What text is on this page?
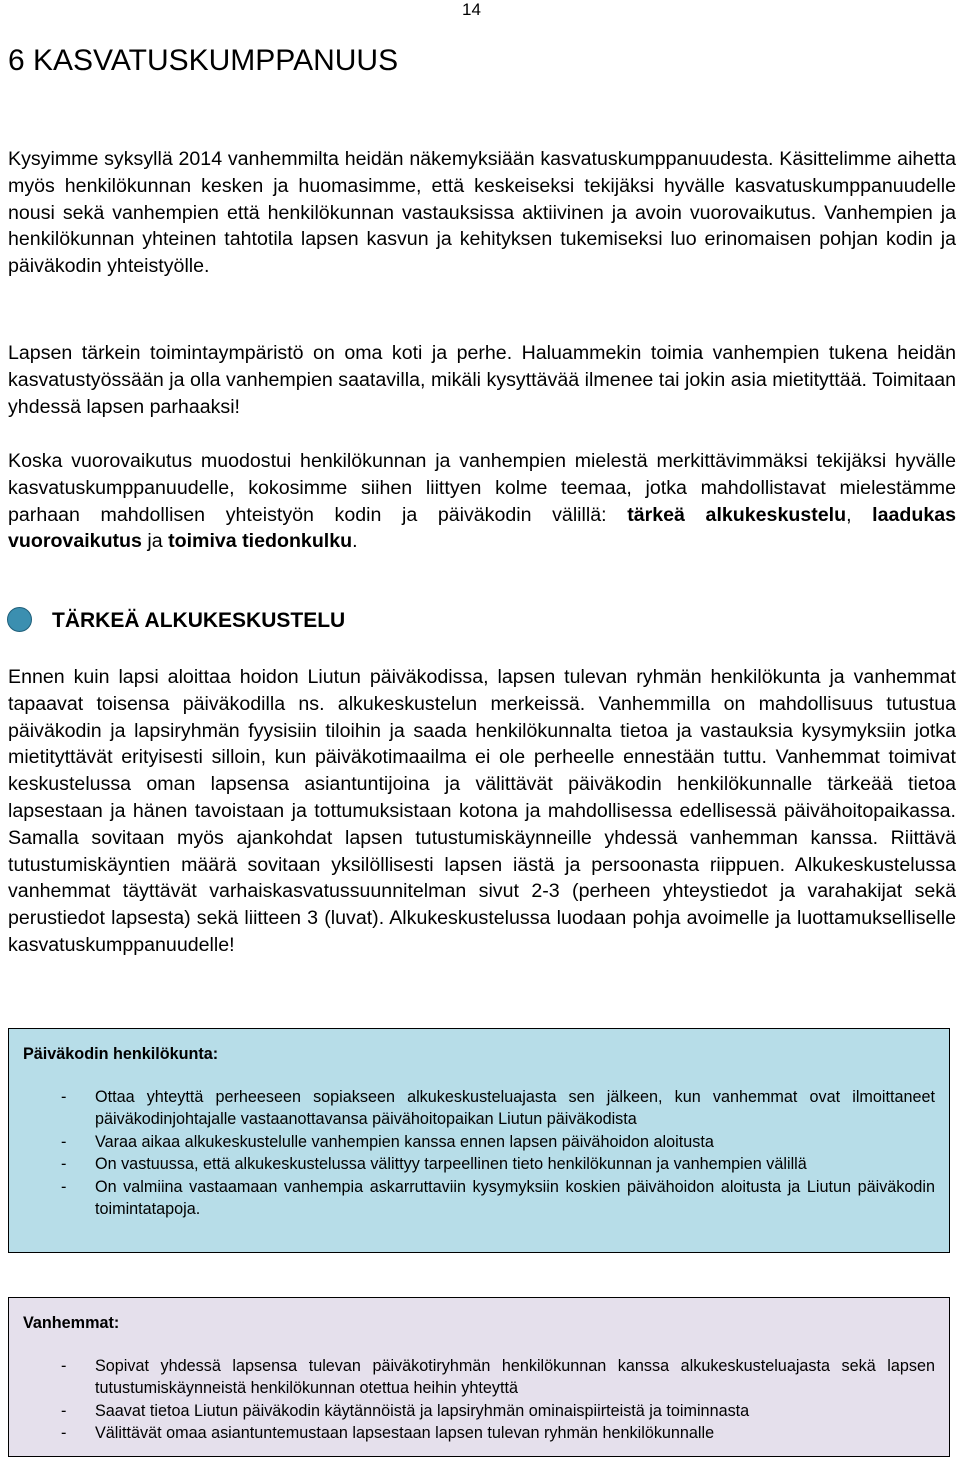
14
6 KASVATUSKUMPPANUUS

Kysyimme syksyllä 2014 vanhemmilta heidän näkemyksiään kasvatuskumppanuudesta. Käsittelimme aihetta myös henkilökunnan kesken ja huomasimme, että keskeiseksi tekijäksi hyvälle kasvatuskumppanuudelle nousi sekä vanhempien että henkilökunnan vastauksissa aktiivinen ja avoin vuorovaikutus. Vanhempien ja henkilökunnan yhteinen tahtotila lapsen kasvun ja kehityksen tukemiseksi luo erinomaisen pohjan kodin ja päiväkodin yhteistyölle.

Lapsen tärkein toimintaympäristö on oma koti ja perhe. Haluammekin toimia vanhempien tukena heidän kasvatustyössään ja olla vanhempien saatavilla, mikäli kysyttävää ilmenee tai jokin asia mietityttää. Toimitaan yhdessä lapsen parhaaksi!

Koska vuorovaikutus muodostui henkilökunnan ja vanhempien mielestä merkittävimmäksi tekijäksi hyvälle kasvatuskumppanuudelle, kokosimme siihen liittyen kolme teemaa, jotka mahdollistavat mielestämme parhaan mahdollisen yhteistyön kodin ja päiväkodin välillä: tärkeä alkukeskustelu, laadukas vuorovaikutus ja toimiva tiedonkulku.

TÄRKEÄ ALKUKESKUSTELU

Ennen kuin lapsi aloittaa hoidon Liutun päiväkodissa, lapsen tulevan ryhmän henkilökunta ja vanhemmat tapaavat toisensa päiväkodilla ns. alkukeskustelun merkeissä. Vanhemmilla on mahdollisuus tutustua päiväkodin ja lapsiryhmän fyysisiin tiloihin ja saada henkilökunnalta tietoa ja vastauksia kysymyksiin jotka mietityttävät erityisesti silloin, kun päiväkotimaailma ei ole perheelle ennestään tuttu. Vanhemmat toimivat keskustelussa oman lapsensa asiantuntijoina ja välittävät päiväkodin henkilökunnalle tärkeää tietoa lapsestaan ja hänen tavoistaan ja tottumuksistaan kotona ja mahdollisessa edellisessä päivähoitopaikassa. Samalla sovitaan myös ajankohdat lapsen tutustumiskäynneille yhdessä vanhemman kanssa. Riittävä tutustumiskäyntien määrä sovitaan yksilöllisesti lapsen iästä ja persoonasta riippuen. Alkukeskustelussa vanhemmat täyttävät varhaiskasvatussuunnitelman sivut 2-3 (perheen yhteystiedot ja varahakijat sekä perustiedot lapsesta) sekä liitteen 3 (luvat). Alkukeskustelussa luodaan pohja avoimelle ja luottamukselliselle kasvatuskumppanuudelle!

Päiväkodin henkilökunta:

- Ottaa yhteyttä perheeseen sopiakseen alkukeskusteluajasta sen jälkeen, kun vanhemmat ovat ilmoittaneet päiväkodinjohtajalle vastaanottavansa päivähoitopaikan Liutun päiväkodista
- Varaa aikaa alkukeskustelulle vanhempien kanssa ennen lapsen päivähoidon aloitusta
- On vastuussa, että alkukeskustelussa välittyy tarpeellinen tieto henkilökunnan ja vanhempien välillä
- On valmiina vastaamaan vanhempia askarruttaviin kysymyksiin koskien päivähoidon aloitusta ja Liutun päiväkodin toimintatapoja.

Vanhemmat:

- Sopivat yhdessä lapsensa tulevan päiväkotiryhmän henkilökunnan kanssa alkukeskusteluajasta sekä lapsen tutustumiskäynneistä henkilökunnan otettua heihin yhteyttä
- Saavat tietoa Liutun päiväkodin käytännöistä ja lapsiryhmän ominaispiirteistä ja toiminnasta
- Välittävät omaa asiantuntemustaan lapsestaan lapsen tulevan ryhmän henkilökunnalle
